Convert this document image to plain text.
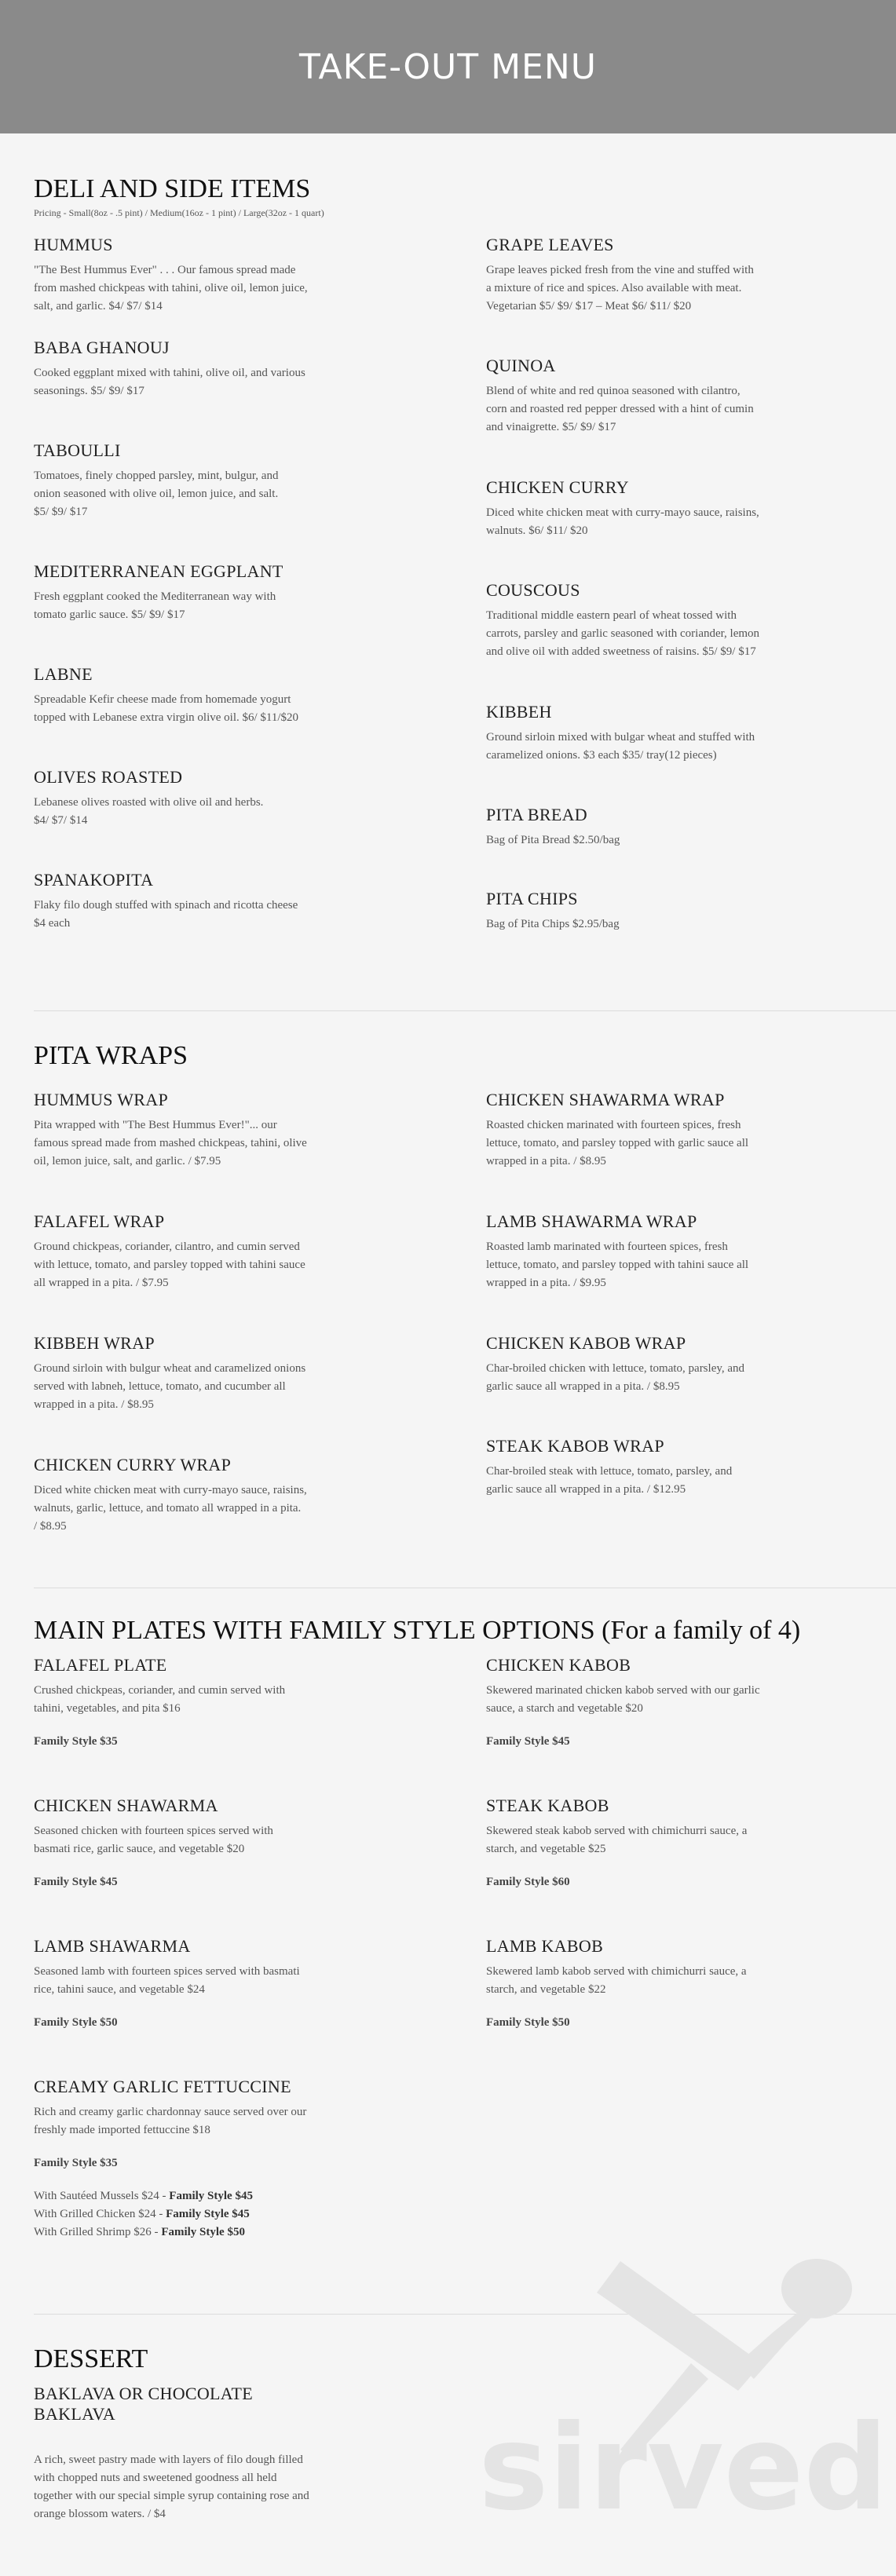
TAKE-OUT MENU
DELI AND SIDE ITEMS
Pricing - Small(8oz - .5 pint) / Medium(16oz - 1 pint) / Large(32oz - 1 quart)
HUMMUS

"The Best Hummus Ever" . . . Our famous spread made
from mashed chickpeas with tahini, olive oil, lemon juice,
salt, and garlic. $4/ $7/ $14

BABA GHANOUJ

Cooked eggplant mixed with tahini, olive oil, and various
seasonings. $5/ $9/ $17

TABOULLI

Tomatoes, finely chopped parsley, mint, bulgur, and
onion seasoned with olive oil, lemon juice, and salt.
$5/ $9/ $17

MEDITERRANEAN EGGPLANT

Fresh eggplant cooked the Mediterranean way with
tomato garlic sauce. $5/ $9/ $17

LABNE

Spreadable Kefir cheese made from homemade yogurt
topped with Lebanese extra virgin olive oil. $6/ $11/$20

OLIVES ROASTED

Lebanese olives roasted with olive oil and herbs.
$4/ $7/ $14

SPANAKOPITA

Flaky filo dough stuffed with spinach and ricotta cheese
$4 each

GRAPE LEAVES

Grape leaves picked fresh from the vine and stuffed with
a mixture of rice and spices. Also available with meat.
Vegetarian $5/ $9/ $17 – Meat $6/ $11/ $20

QUINOA

Blend of white and red quinoa seasoned with cilantro,
corn and roasted red pepper dressed with a hint of cumin
and vinaigrette. $5/ $9/ $17

CHICKEN CURRY

Diced white chicken meat with curry-mayo sauce, raisins,
walnuts. $6/ $11/ $20

COUSCOUS

Traditional middle eastern pearl of wheat tossed with
carrots, parsley and garlic seasoned with coriander, lemon
and olive oil with added sweetness of raisins. $5/ $9/ $17

KIBBEH

Ground sirloin mixed with bulgar wheat and stuffed with
caramelized onions. $3 each $35/ tray(12 pieces)

PITA BREAD

Bag of Pita Bread $2.50/bag

PITA CHIPS

Bag of Pita Chips $2.95/bag

PITA WRAPS
HUMMUS WRAP

Pita wrapped with "The Best Hummus Ever!"... our
famous spread made from mashed chickpeas, tahini, olive
oil, lemon juice, salt, and garlic. / $7.95

FALAFEL WRAP

Ground chickpeas, coriander, cilantro, and cumin served
with lettuce, tomato, and parsley topped with tahini sauce
all wrapped in a pita. / $7.95

KIBBEH WRAP

Ground sirloin with bulgur wheat and caramelized onions
served with labneh, lettuce, tomato, and cucumber all
wrapped in a pita. / $8.95

CHICKEN CURRY WRAP

Diced white chicken meat with curry-mayo sauce, raisins,
walnuts, garlic, lettuce, and tomato all wrapped in a pita.
/ $8.95

CHICKEN SHAWARMA WRAP

Roasted chicken marinated with fourteen spices, fresh
lettuce, tomato, and parsley topped with garlic sauce all
wrapped in a pita. / $8.95

LAMB SHAWARMA WRAP

Roasted lamb marinated with fourteen spices, fresh
lettuce, tomato, and parsley topped with tahini sauce all
wrapped in a pita. / $9.95

CHICKEN KABOB WRAP

Char-broiled chicken with lettuce, tomato, parsley, and
garlic sauce all wrapped in a pita. / $8.95

STEAK KABOB WRAP

Char-broiled steak with lettuce, tomato, parsley, and
garlic sauce all wrapped in a pita. / $12.95

MAIN PLATES WITH FAMILY STYLE OPTIONS (For a family of 4)
FALAFEL PLATE

Crushed chickpeas, coriander, and cumin served with
tahini, vegetables, and pita $16

Family Style $35
CHICKEN SHAWARMA

Seasoned chicken with fourteen spices served with
basmati rice, garlic sauce, and vegetable $20

Family Style $45
LAMB SHAWARMA

Seasoned lamb with fourteen spices served with basmati
rice, tahini sauce, and vegetable $24

Family Style $50
CREAMY GARLIC FETTUCCINE

Rich and creamy garlic chardonnay sauce served over our
freshly made imported fettuccine $18

Family Style $35
With Sautéed Mussels $24 - Family Style $45
With Grilled Chicken $24 - Family Style $45
With Grilled Shrimp $26 - Family Style $50
CHICKEN KABOB

Skewered marinated chicken kabob served with our garlic
sauce, a starch and vegetable $20

Family Style $45
STEAK KABOB

Skewered steak kabob served with chimichurri sauce, a
starch, and vegetable $25

Family Style $60
LAMB KABOB

Skewered lamb kabob served with chimichurri sauce, a
starch, and vegetable $22

Family Style $50
sirved
DESSERT
BAKLAVA OR CHOCOLATE
BAKLAVA

A rich, sweet pastry made with layers of filo dough filled
with chopped nuts and sweetened goodness all held
together with our special simple syrup containing rose and
orange blossom waters. / $4
